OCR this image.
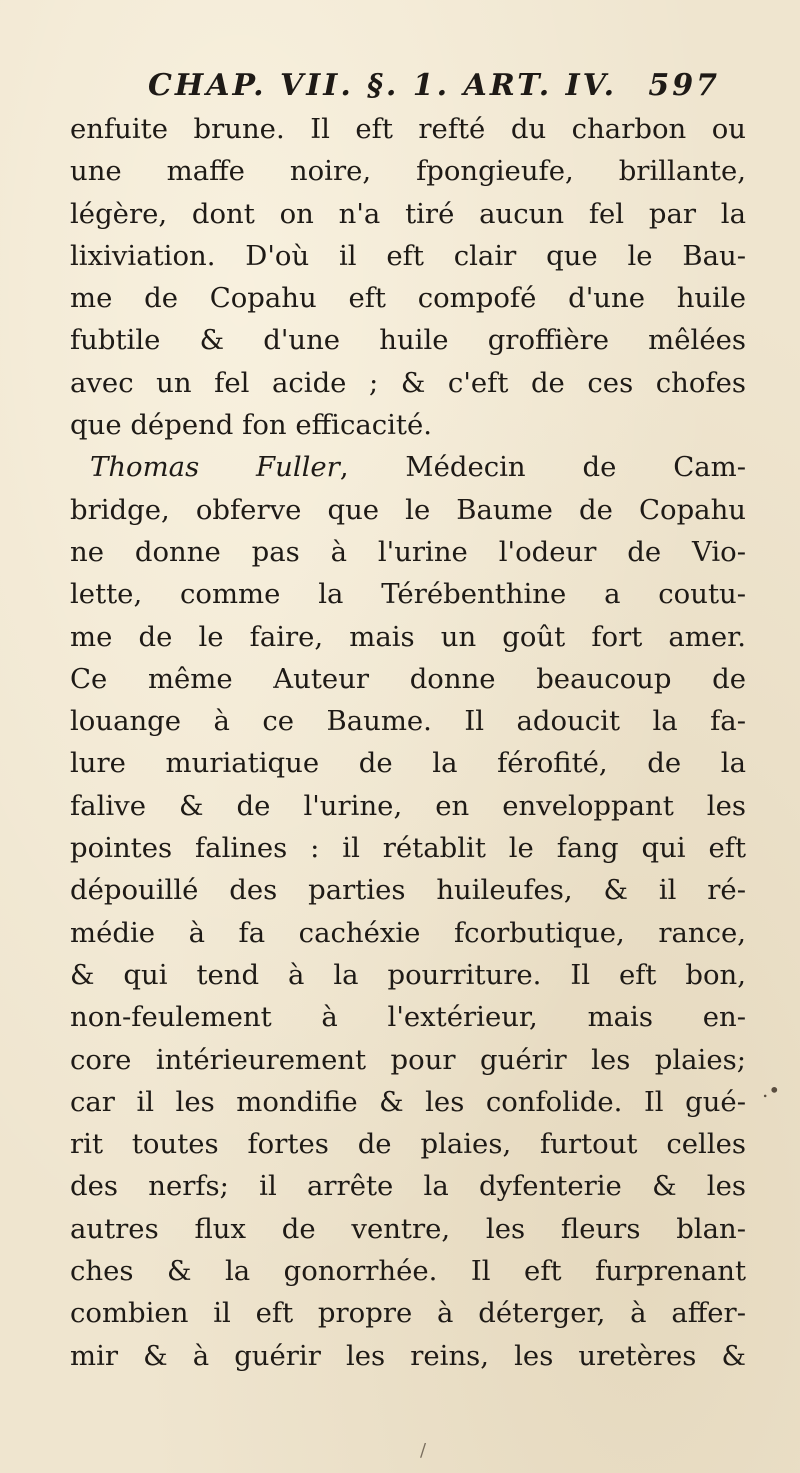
CHAP. VII. §. 1. ART. IV. 597
enfuite brune. Il eft refté du charbon ou
une maffe noire, fpongieufe, brillante,
légère, dont on n'a tiré aucun fel par la
lixiviation. D'où il eft clair que le Bau-
me de Copahu eft compofé d'une huile
fubtile & d'une huile groffière mêlées
avec un fel acide ; & c'eft de ces chofes
que dépend fon efficacité.
Thomas Fuller, Médecin de Cam-
bridge, obferve que le Baume de Copahu
ne donne pas à l'urine l'odeur de Vio-
lette, comme la Térébenthine a coutu-
me de le faire, mais un goût fort amer.
Ce même Auteur donne beaucoup de
louange à ce Baume. Il adoucit la fa-
lure muriatique de la férofité, de la
falive & de l'urine, en enveloppant les
pointes falines : il rétablit le fang qui eft
dépouillé des parties huileufes, & il ré-
médie à fa cachéxie fcorbutique, rance,
& qui tend à la pourriture. Il eft bon,
non-feulement à l'extérieur, mais en-
core intérieurement pour guérir les plaies;
car il les mondifie & les confolide. Il gué-
rit toutes fortes de plaies, furtout celles
des nerfs; il arrête la dyfenterie & les
autres flux de ventre, les fleurs blan-
ches & la gonorrhée. Il eft furprenant
combien il eft propre à déterger, à affer-
mir & à guérir les reins, les uretères &
.•
/
